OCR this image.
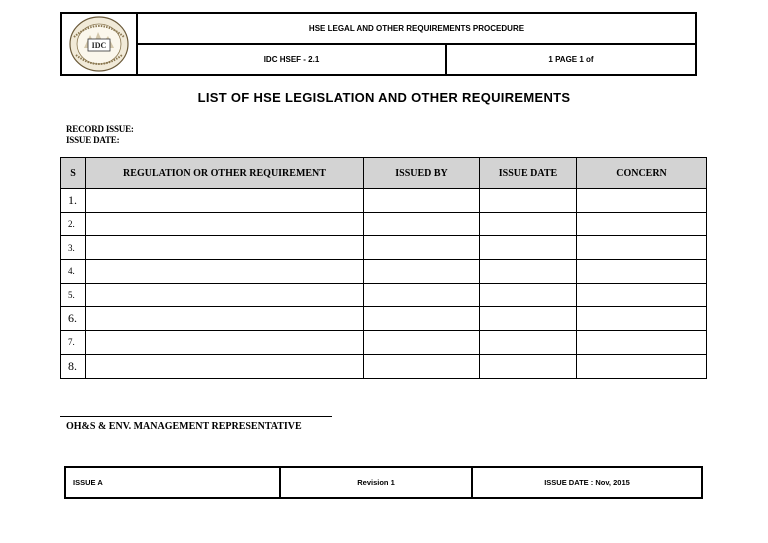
IDC
HSE LEGAL AND OTHER REQUIREMENTS PROCEDURE
IDC HSEF - 2.1	1 PAGE 1 of
LIST OF HSE LEGISLATION AND OTHER REQUIREMENTS
RECORD ISSUE:
ISSUE DATE:
S	REGULATION OR OTHER REQUIREMENT	ISSUED BY	ISSUE DATE	CONCERN
1.				
2.				
3.				
4.				
5.				
6.				
7.				
8.				
OH&S & ENV. MANAGEMENT REPRESENTATIVE
ISSUE A	Revision 1	ISSUE DATE : Nov, 2015
